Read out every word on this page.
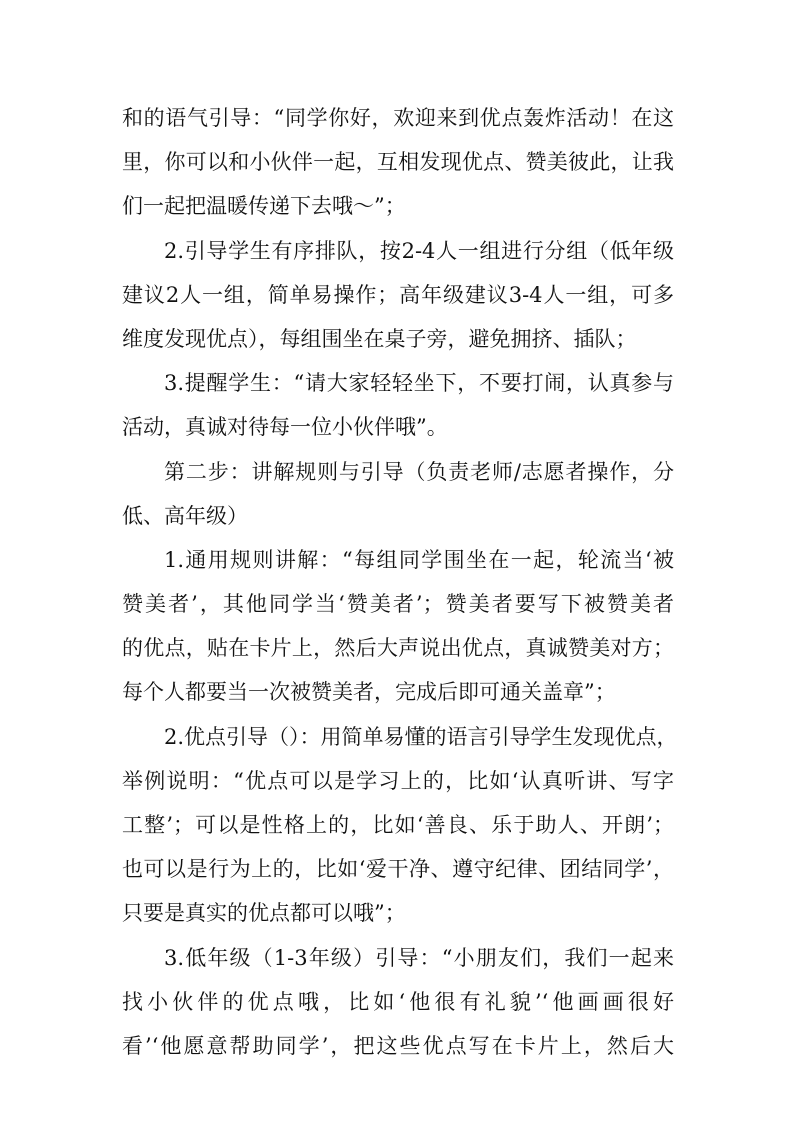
和的语气引导：“同学你好，欢迎来到优点轰炸活动！在这
里，你可以和小伙伴一起，互相发现优点、赞美彼此，让我
们一起把温暖传递下去哦～”；
2.引导学生有序排队，按2-4人一组进行分组（低年级
建议2人一组，简单易操作；高年级建议3-4人一组，可多
维度发现优点），每组围坐在桌子旁，避免拥挤、插队；
3.提醒学生：“请大家轻轻坐下，不要打闹，认真参与
活动，真诚对待每一位小伙伴哦”。
第二步：讲解规则与引导（负责老师/志愿者操作，分
低、高年级）
1.通用规则讲解：“每组同学围坐在一起，轮流当‘被
赞美者’，其他同学当‘赞美者’；赞美者要写下被赞美者
的优点，贴在卡片上，然后大声说出优点，真诚赞美对方；
每个人都要当一次被赞美者，完成后即可通关盖章”；
2.优点引导（）：用简单易懂的语言引导学生发现优点，
举例说明：“优点可以是学习上的，比如‘认真听讲、写字
工整’；可以是性格上的，比如‘善良、乐于助人、开朗’；
也可以是行为上的，比如‘爱干净、遵守纪律、团结同学’，
只要是真实的优点都可以哦”；
3.低年级（1-3年级）引导：“小朋友们，我们一起来
找小伙伴的优点哦，比如‘他很有礼貌’‘他画画很好
看’‘他愿意帮助同学’，把这些优点写在卡片上，然后大
